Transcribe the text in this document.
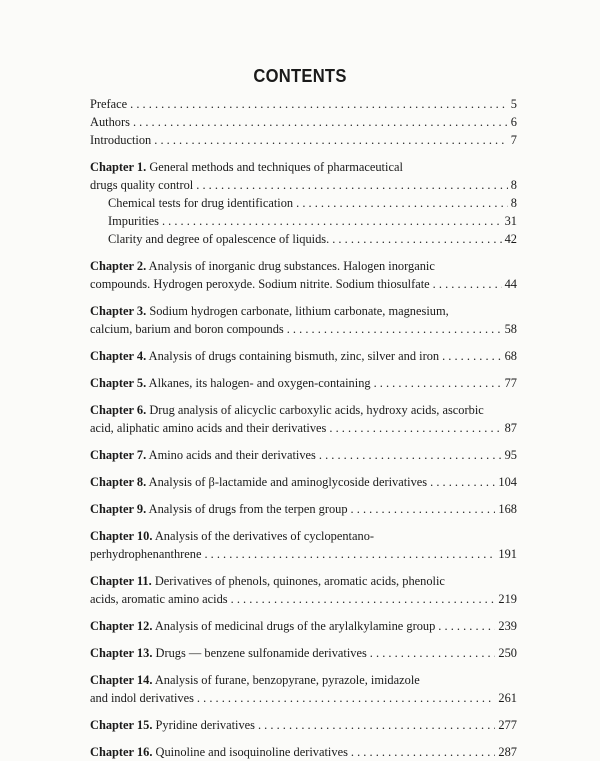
CONTENTS
Preface . . .	5
Authors . . .	6
Introduction . . .	7
Chapter 1. General methods and techniques of pharmaceutical
drugs quality control . . .	8
Chemical tests for drug identification . . .	8
Impurities . . .	31
Clarity and degree of opalescence of liquids. . . .	42
Chapter 2. Analysis of inorganic drug substances. Halogen inorganic
compounds. Hydrogen peroxyde. Sodium nitrite. Sodium thiosulfate . . .	44
Chapter 3. Sodium hydrogen carbonate, lithium carbonate, magnesium,
calcium, barium and boron compounds . . .	58
Chapter 4. Analysis of drugs containing bismuth, zinc, silver and iron . . .	68
Chapter 5. Alkanes, its halogen- and oxygen-containing . . .	77
Chapter 6. Drug analysis of alicyclic carboxylic acids, hydroxy acids, ascorbic
acid, aliphatic amino acids and their derivatives . . .	87
Chapter 7. Amino acids and their derivatives . . .	95
Chapter 8. Analysis of β-lactamide and aminoglycoside derivatives . . .	104
Chapter 9. Analysis of drugs from the terpen group . . .	168
Chapter 10. Analysis of the derivatives of cyclopentano-
perhydrophenanthrene . . .	191
Chapter 11. Derivatives of phenols, quinones, aromatic acids, phenolic
acids, aromatic amino acids . . .	219
Chapter 12. Analysis of medicinal drugs of the arylalkylamine group . . .	239
Chapter 13. Drugs — benzene sulfonamide derivatives . . .	250
Chapter 14. Analysis of furane, benzopyrane, pyrazole, imidazole
and indol derivatives . . .	261
Chapter 15. Pyridine derivatives . . .	277
Chapter 16. Quinoline and isoquinoline derivatives . . .	287
